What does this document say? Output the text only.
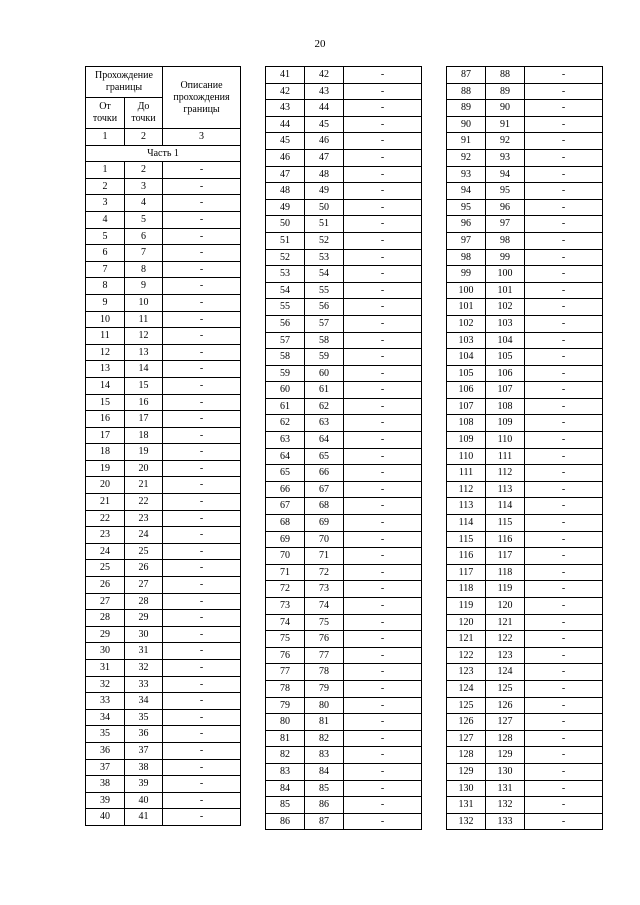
20
Прохождение границы		Описание прохождения границы
От точки	До точки	
1	2	3
Часть 1		
1	2	-
2	3	-
3	4	-
4	5	-
5	6	-
6	7	-
7	8	-
8	9	-
9	10	-
10	11	-
11	12	-
12	13	-
13	14	-
14	15	-
15	16	-
16	17	-
17	18	-
18	19	-
19	20	-
20	21	-
21	22	-
22	23	-
23	24	-
24	25	-
25	26	-
26	27	-
27	28	-
28	29	-
29	30	-
30	31	-
31	32	-
32	33	-
33	34	-
34	35	-
35	36	-
36	37	-
37	38	-
38	39	-
39	40	-
40	41	-
41	42	-
42	43	-
43	44	-
44	45	-
45	46	-
46	47	-
47	48	-
48	49	-
49	50	-
50	51	-
51	52	-
52	53	-
53	54	-
54	55	-
55	56	-
56	57	-
57	58	-
58	59	-
59	60	-
60	61	-
61	62	-
62	63	-
63	64	-
64	65	-
65	66	-
66	67	-
67	68	-
68	69	-
69	70	-
70	71	-
71	72	-
72	73	-
73	74	-
74	75	-
75	76	-
76	77	-
77	78	-
78	79	-
79	80	-
80	81	-
81	82	-
82	83	-
83	84	-
84	85	-
85	86	-
86	87	-
87	88	-
88	89	-
89	90	-
90	91	-
91	92	-
92	93	-
93	94	-
94	95	-
95	96	-
96	97	-
97	98	-
98	99	-
99	100	-
100	101	-
101	102	-
102	103	-
103	104	-
104	105	-
105	106	-
106	107	-
107	108	-
108	109	-
109	110	-
110	111	-
111	112	-
112	113	-
113	114	-
114	115	-
115	116	-
116	117	-
117	118	-
118	119	-
119	120	-
120	121	-
121	122	-
122	123	-
123	124	-
124	125	-
125	126	-
126	127	-
127	128	-
128	129	-
129	130	-
130	131	-
131	132	-
132	133	-
